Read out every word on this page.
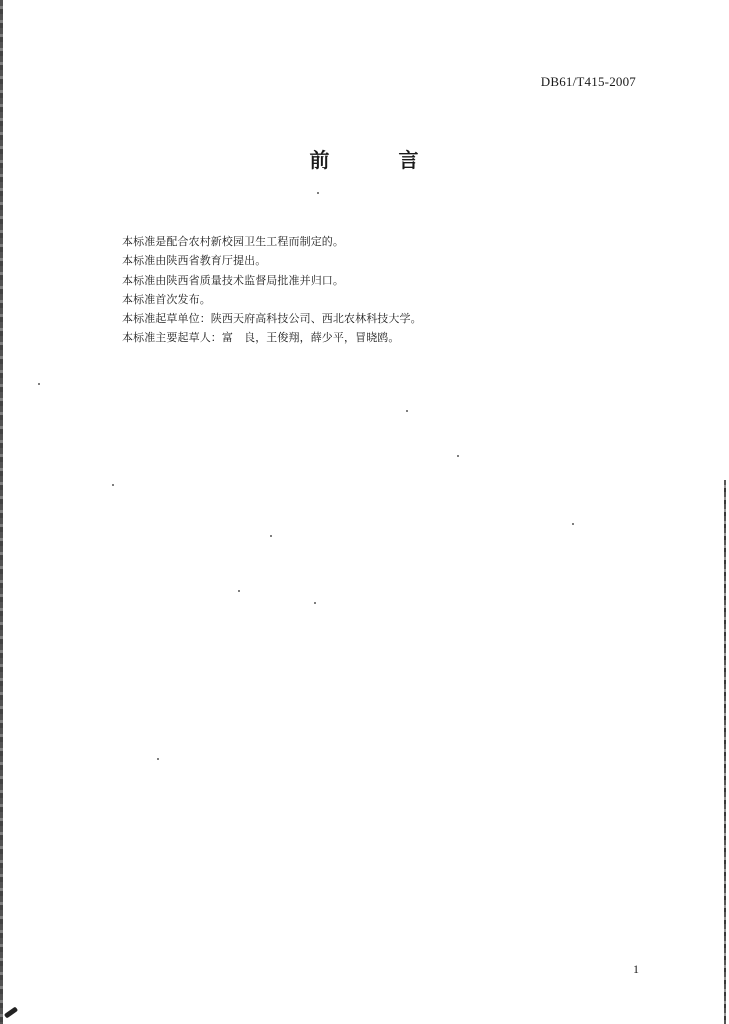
DB61/T415-2007
前 言
本标准是配合农村新校园卫生工程而制定的。
本标准由陕西省教育厅提出。
本标准由陕西省质量技术监督局批准并归口。
本标准首次发布。
本标准起草单位：陕西天府高科技公司、西北农林科技大学。
本标准主要起草人：富　良，王俊翔，薛少平，冒晓鸥。
1
